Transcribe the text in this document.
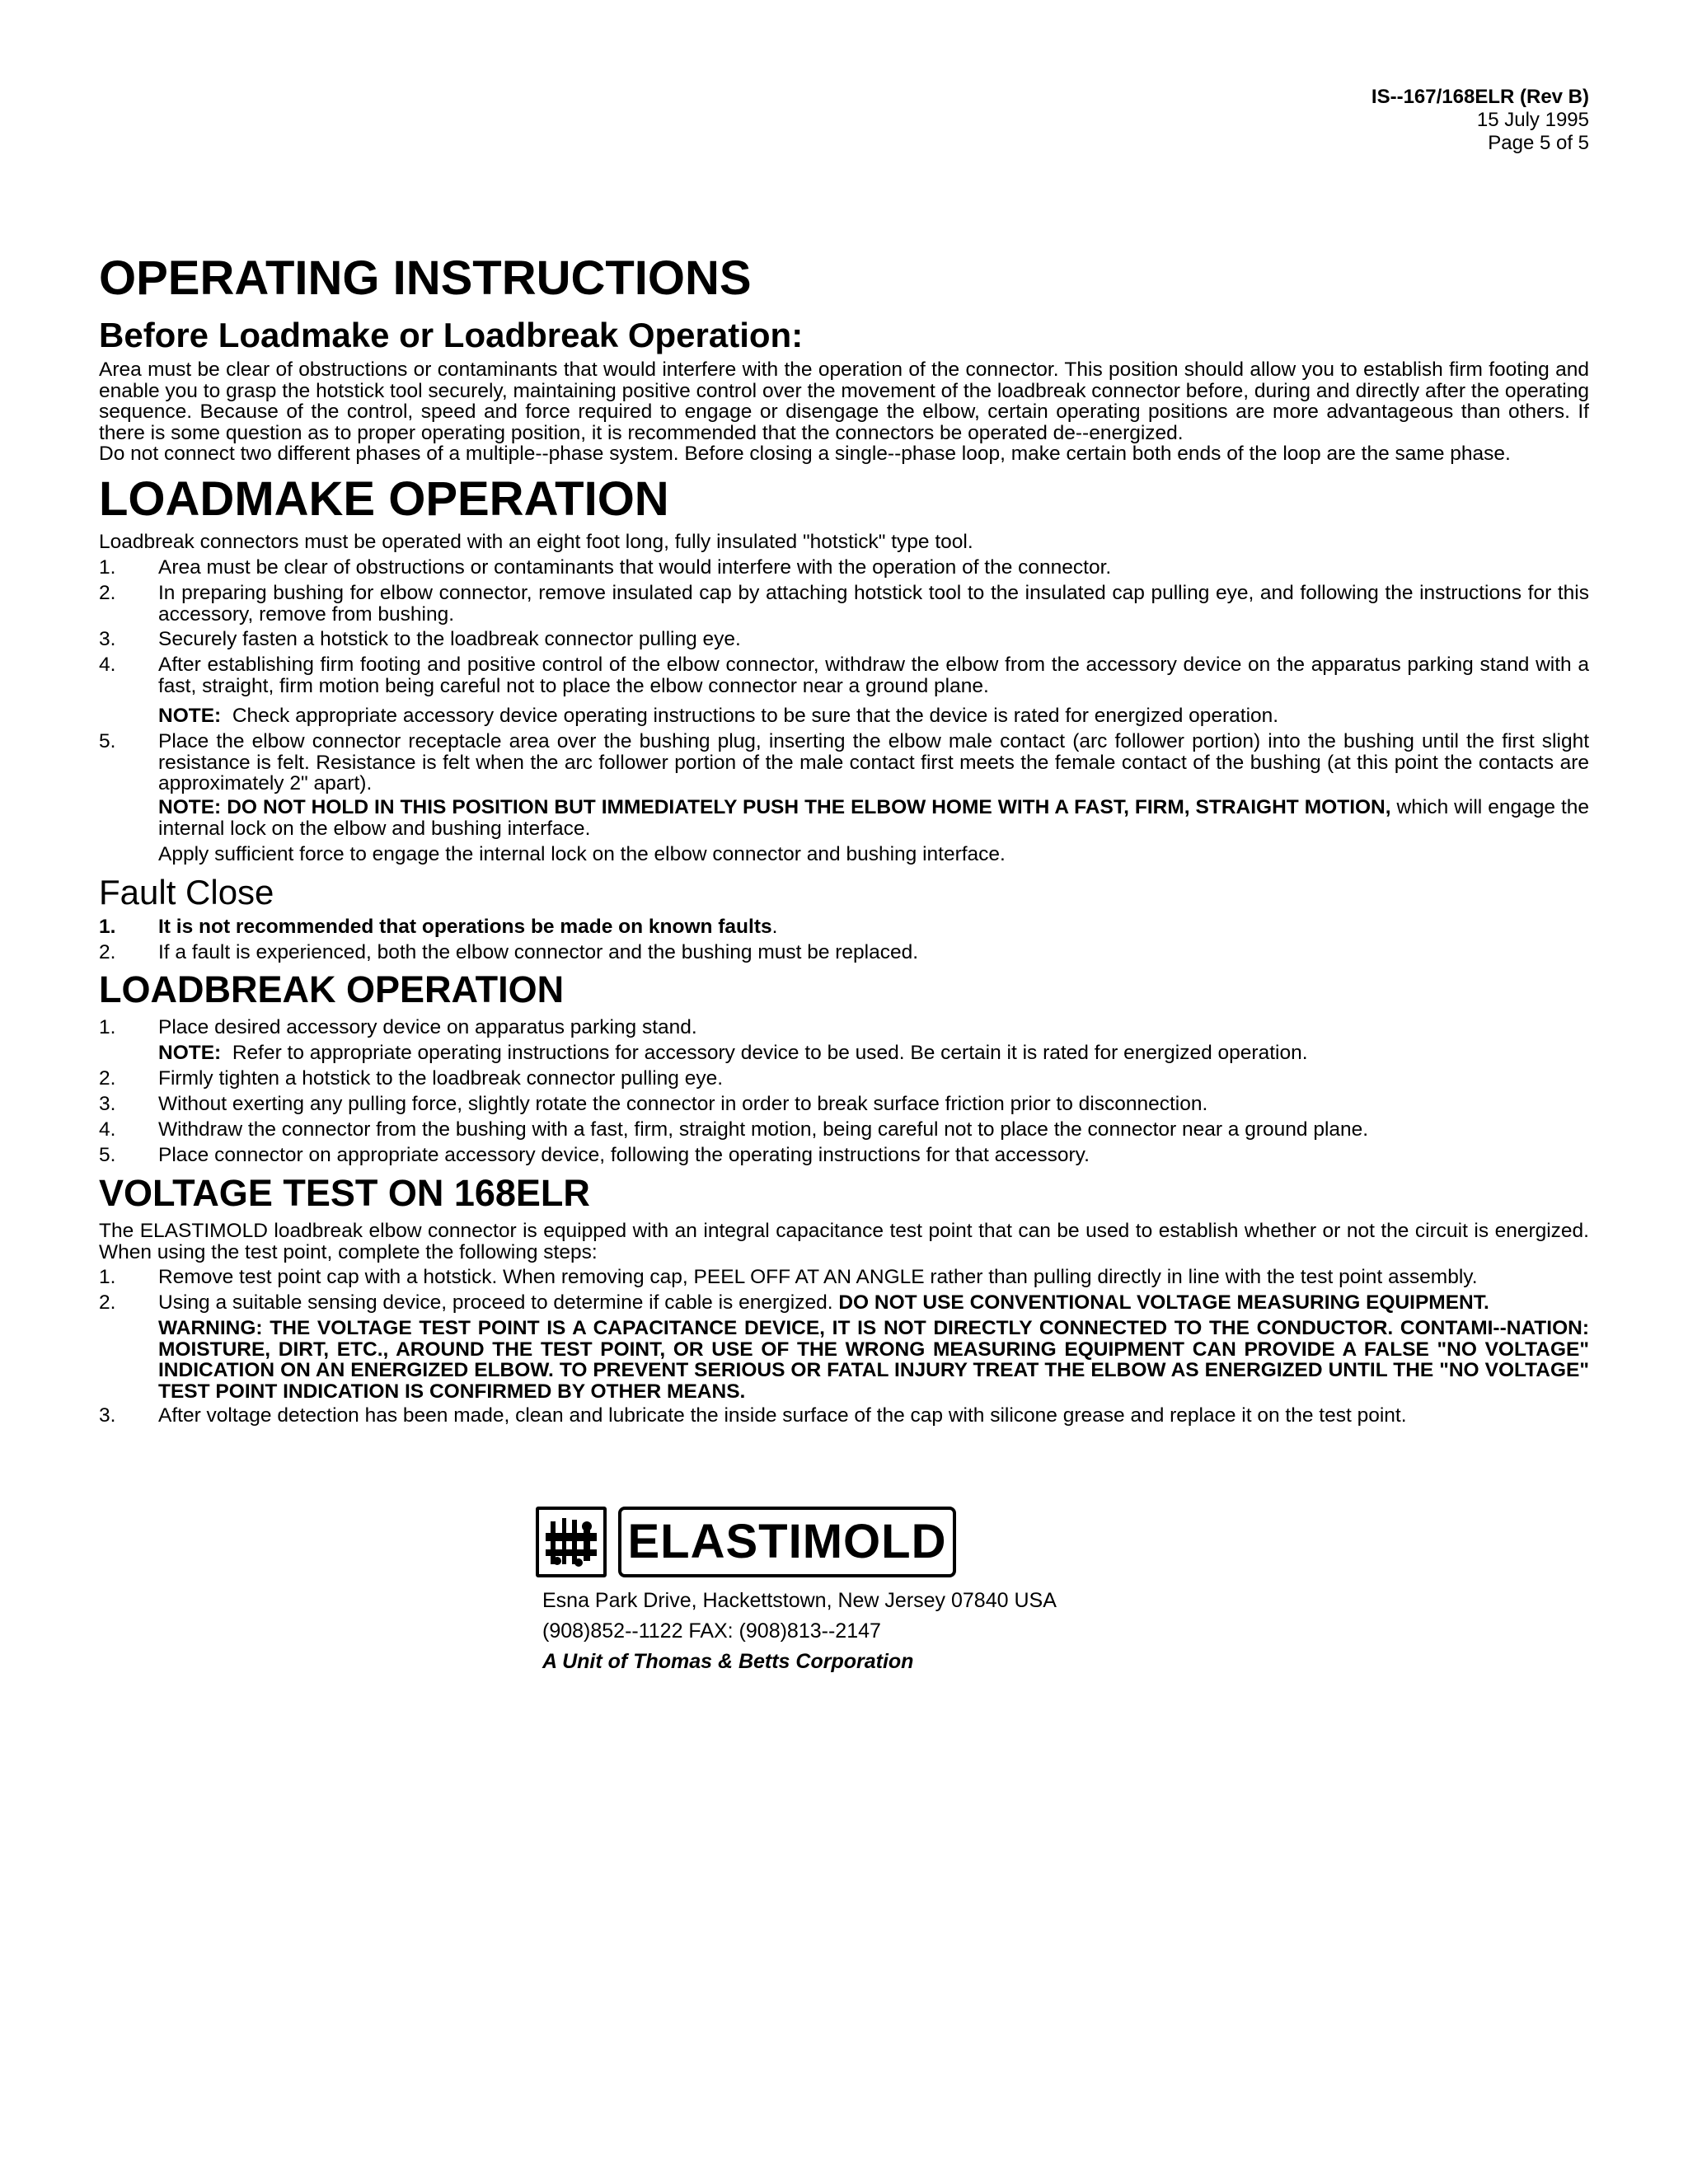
IS--167/168ELR (Rev B)
15 July 1995
Page 5 of 5
OPERATING INSTRUCTIONS
Before Loadmake or Loadbreak Operation:
Area must be clear of obstructions or contaminants that would interfere with the operation of the connector. This position should allow you to establish firm footing and enable you to grasp the hotstick tool securely, maintaining positive control over the movement of the loadbreak connector before, during and directly after the operating sequence. Because of the control, speed and force required to engage or disengage the elbow, certain operating positions are more advantageous than others. If there is some question as to proper operating position, it is recommended that the connectors be operated de--energized.
Do not connect two different phases of a multiple--phase system. Before closing a single--phase loop, make certain both ends of the loop are the same phase.
LOADMAKE OPERATION
Loadbreak connectors must be operated with an eight foot long, fully insulated "hotstick" type tool.
1.	Area must be clear of obstructions or contaminants that would interfere with the operation of the connector.
2.	In preparing bushing for elbow connector, remove insulated cap by attaching hotstick tool to the insulated cap pulling eye, and following the instructions for this accessory, remove from bushing.
3.	Securely fasten a hotstick to the loadbreak connector pulling eye.
4.	After establishing firm footing and positive control of the elbow connector, withdraw the elbow from the accessory device on the apparatus parking stand with a fast, straight, firm motion being careful not to place the elbow connector near a ground plane.
NOTE: Check appropriate accessory device operating instructions to be sure that the device is rated for energized operation.
5.	Place the elbow connector receptacle area over the bushing plug, inserting the elbow male contact (arc follower portion) into the bushing until the first slight resistance is felt. Resistance is felt when the arc follower portion of the male contact first meets the female contact of the bushing (at this point the contacts are approximately 2" apart).
NOTE: DO NOT HOLD IN THIS POSITION BUT IMMEDIATELY PUSH THE ELBOW HOME WITH A FAST, FIRM, STRAIGHT MOTION, which will engage the internal lock on the elbow and bushing interface.
Apply sufficient force to engage the internal lock on the elbow connector and bushing interface.
Fault Close
1.	It is not recommended that operations be made on known faults.
2.	If a fault is experienced, both the elbow connector and the bushing must be replaced.
LOADBREAK OPERATION
1.	Place desired accessory device on apparatus parking stand.
NOTE: Refer to appropriate operating instructions for accessory device to be used. Be certain it is rated for energized operation.
2.	Firmly tighten a hotstick to the loadbreak connector pulling eye.
3.	Without exerting any pulling force, slightly rotate the connector in order to break surface friction prior to disconnection.
4.	Withdraw the connector from the bushing with a fast, firm, straight motion, being careful not to place the connector near a ground plane.
5.	Place connector on appropriate accessory device, following the operating instructions for that accessory.
VOLTAGE TEST ON 168ELR
The ELASTIMOLD loadbreak elbow connector is equipped with an integral capacitance test point that can be used to establish whether or not the circuit is energized. When using the test point, complete the following steps:
1.	Remove test point cap with a hotstick. When removing cap, PEEL OFF AT AN ANGLE rather than pulling directly in line with the test point assembly.
2.	Using a suitable sensing device, proceed to determine if cable is energized. DO NOT USE CONVENTIONAL VOLTAGE MEASURING EQUIPMENT.
WARNING: THE VOLTAGE TEST POINT IS A CAPACITANCE DEVICE, IT IS NOT DIRECTLY CONNECTED TO THE CONDUCTOR. CONTAMI--NATION: MOISTURE, DIRT, ETC., AROUND THE TEST POINT, OR USE OF THE WRONG MEASURING EQUIPMENT CAN PROVIDE A FALSE "NO VOLTAGE" INDICATION ON AN ENERGIZED ELBOW. TO PREVENT SERIOUS OR FATAL INJURY TREAT THE ELBOW AS ENERGIZED UNTIL THE "NO VOLTAGE" TEST POINT INDICATION IS CONFIRMED BY OTHER MEANS.
3.	After voltage detection has been made, clean and lubricate the inside surface of the cap with silicone grease and replace it on the test point.
ELASTIMOLD
Esna Park Drive, Hackettstown, New Jersey 07840 USA
(908)852--1122 FAX: (908)813--2147
A Unit of Thomas & Betts Corporation
